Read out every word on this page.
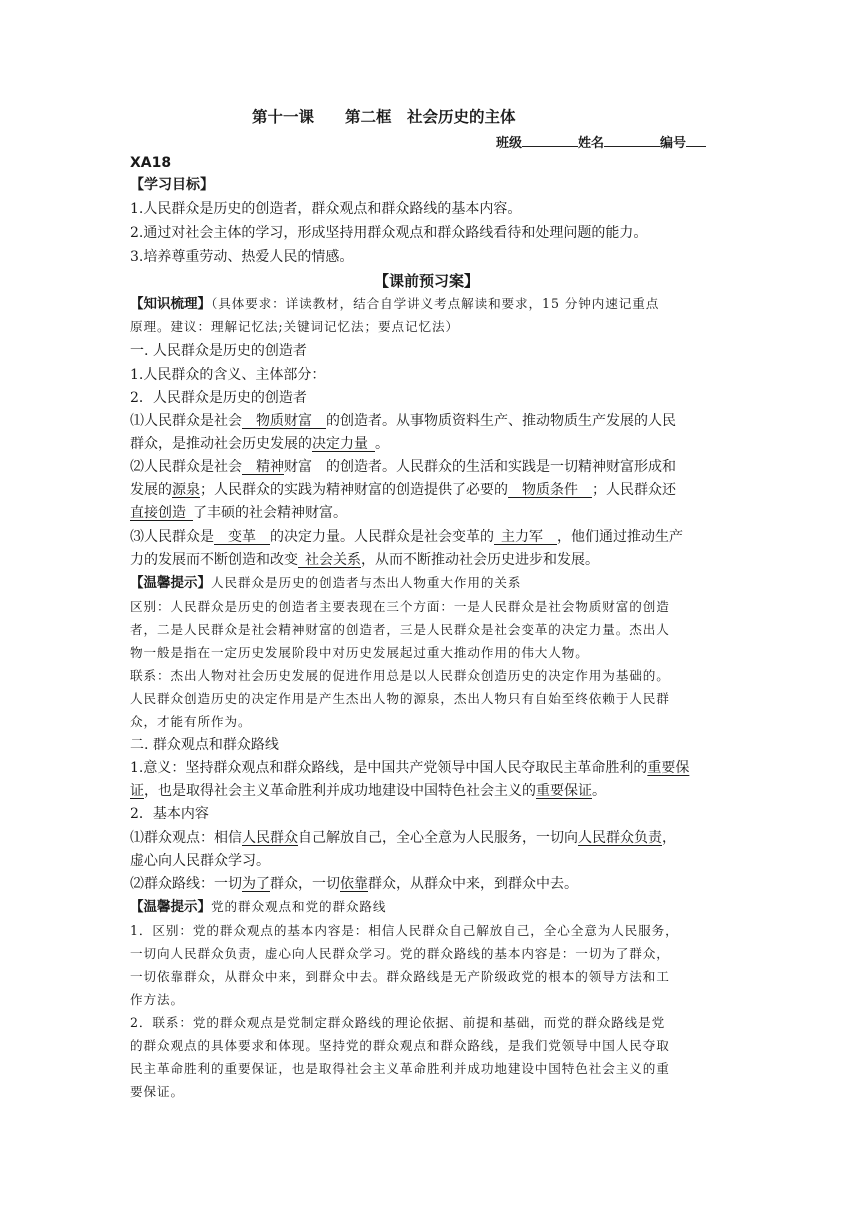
第十一课　　第二框　社会历史的主体
班级	姓名	编号
XA18
【学习目标】
1.人民群众是历史的创造者，群众观点和群众路线的基本内容。
2.通过对社会主体的学习，形成坚持用群众观点和群众路线看待和处理问题的能力。
3.培养尊重劳动、热爱人民的情感。
【课前预习案】
【知识梳理】（具体要求：详读教材，结合自学讲义考点解读和要求，15 分钟内速记重点
原理。建议：理解记忆法;关键词记忆法；要点记忆法）
一. 人民群众是历史的创造者
1.人民群众的含义、主体部分：
2．人民群众是历史的创造者
⑴人民群众是社会  物质财富  的创造者。从事物质资料生产、推动物质生产发展的人民
群众，是推动社会历史发展的决定力量  。
⑵人民群众是社会  精神财富  的创造者。人民群众的生活和实践是一切精神财富形成和
发展的源泉；人民群众的实践为精神财富的创造提供了必要的  物质条件  ；人民群众还
直接创造  了丰硕的社会精神财富。
⑶人民群众是  变革  的决定力量。人民群众是社会变革的  主力军  ，他们通过推动生产
力的发展而不断创造和改变  社会关系，从而不断推动社会历史进步和发展。
【温馨提示】人民群众是历史的创造者与杰出人物重大作用的关系
区别：人民群众是历史的创造者主要表现在三个方面：一是人民群众是社会物质财富的创造
者，二是人民群众是社会精神财富的创造者，三是人民群众是社会变革的决定力量。杰出人
物一般是指在一定历史发展阶段中对历史发展起过重大推动作用的伟大人物。
联系：杰出人物对社会历史发展的促进作用总是以人民群众创造历史的决定作用为基础的。
人民群众创造历史的决定作用是产生杰出人物的源泉，杰出人物只有自始至终依赖于人民群
众，才能有所作为。
二. 群众观点和群众路线
1.意义：坚持群众观点和群众路线，是中国共产党领导中国人民夺取民主革命胜利的重要保
证，也是取得社会主义革命胜利并成功地建设中国特色社会主义的重要保证。
2．基本内容
⑴群众观点：相信人民群众自己解放自己，全心全意为人民服务，一切向人民群众负责，
虚心向人民群众学习。
⑵群众路线：一切为了群众，一切依靠群众，从群众中来，到群众中去。
【温馨提示】党的群众观点和党的群众路线
1．区别：党的群众观点的基本内容是：相信人民群众自己解放自己，全心全意为人民服务，
一切向人民群众负责，虚心向人民群众学习。党的群众路线的基本内容是：一切为了群众，
一切依靠群众，从群众中来，到群众中去。群众路线是无产阶级政党的根本的领导方法和工
作方法。
2．联系：党的群众观点是党制定群众路线的理论依据、前提和基础，而党的群众路线是党
的群众观点的具体要求和体现。坚持党的群众观点和群众路线，是我们党领导中国人民夺取
民主革命胜利的重要保证，也是取得社会主义革命胜利并成功地建设中国特色社会主义的重
要保证。
